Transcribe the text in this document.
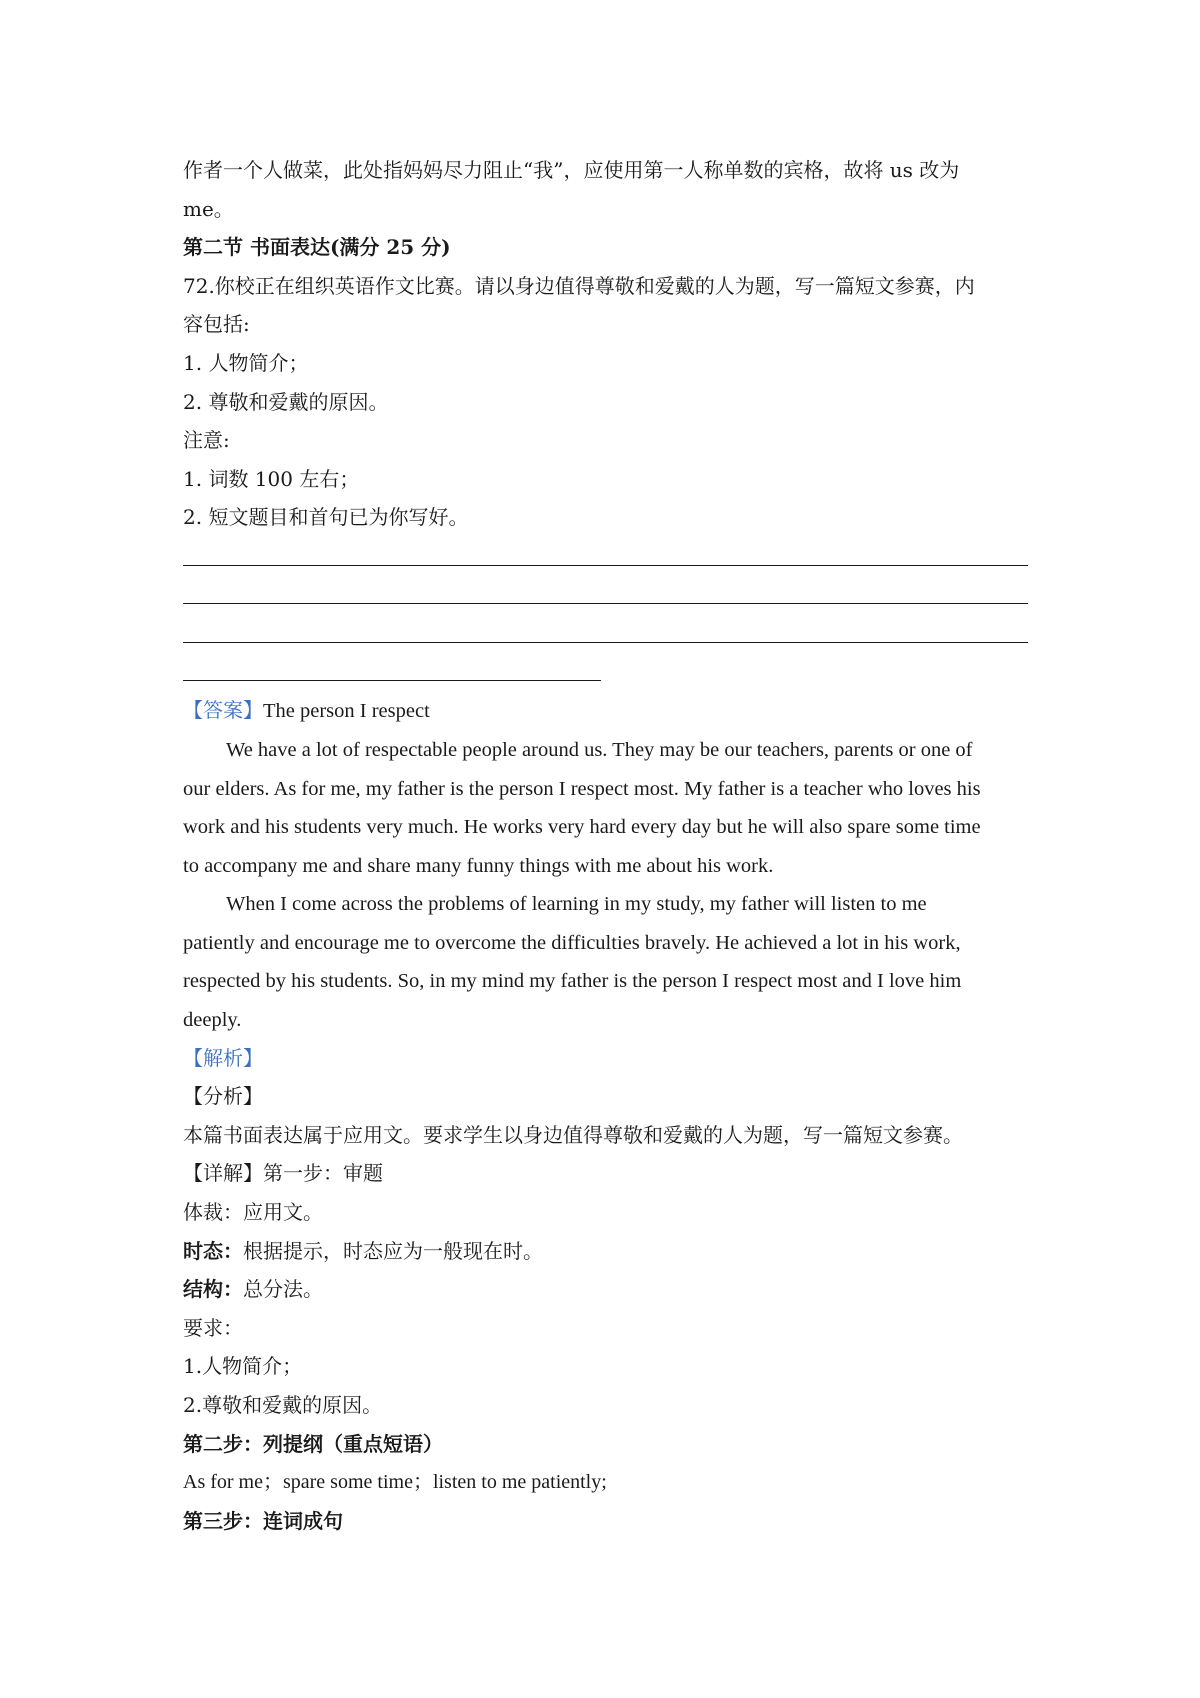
作者一个人做菜，此处指妈妈尽力阻止“我”，应使用第一人称单数的宾格，故将 us 改为
me。
第二节 书面表达(满分 25 分)
72.你校正在组织英语作文比赛。请以身边值得尊敬和爱戴的人为题，写一篇短文参赛，内
容包括:
1. 人物简介；
2. 尊敬和爱戴的原因。
注意:
1. 词数 100 左右；
2. 短文题目和首句已为你写好。
【答案】The person I respect
We have a lot of respectable people around us. They may be our teachers, parents or one of
our elders. As for me, my father is the person I respect most. My father is a teacher who loves his
work and his students very much. He works very hard every day but he will also spare some time
to accompany me and share many funny things with me about his work.
When I come across the problems of learning in my study, my father will listen to me
patiently and encourage me to overcome the difficulties bravely. He achieved a lot in his work,
respected by his students. So, in my mind my father is the person I respect most and I love him
deeply.
【解析】
【分析】
本篇书面表达属于应用文。要求学生以身边值得尊敬和爱戴的人为题，写一篇短文参赛。
【详解】第一步：审题
体裁：应用文。
时态：根据提示，时态应为一般现在时。
结构：总分法。
要求：
1.人物简介；
2.尊敬和爱戴的原因。
第二步：列提纲（重点短语）
As for me；spare some time；listen to me patiently;
第三步：连词成句
